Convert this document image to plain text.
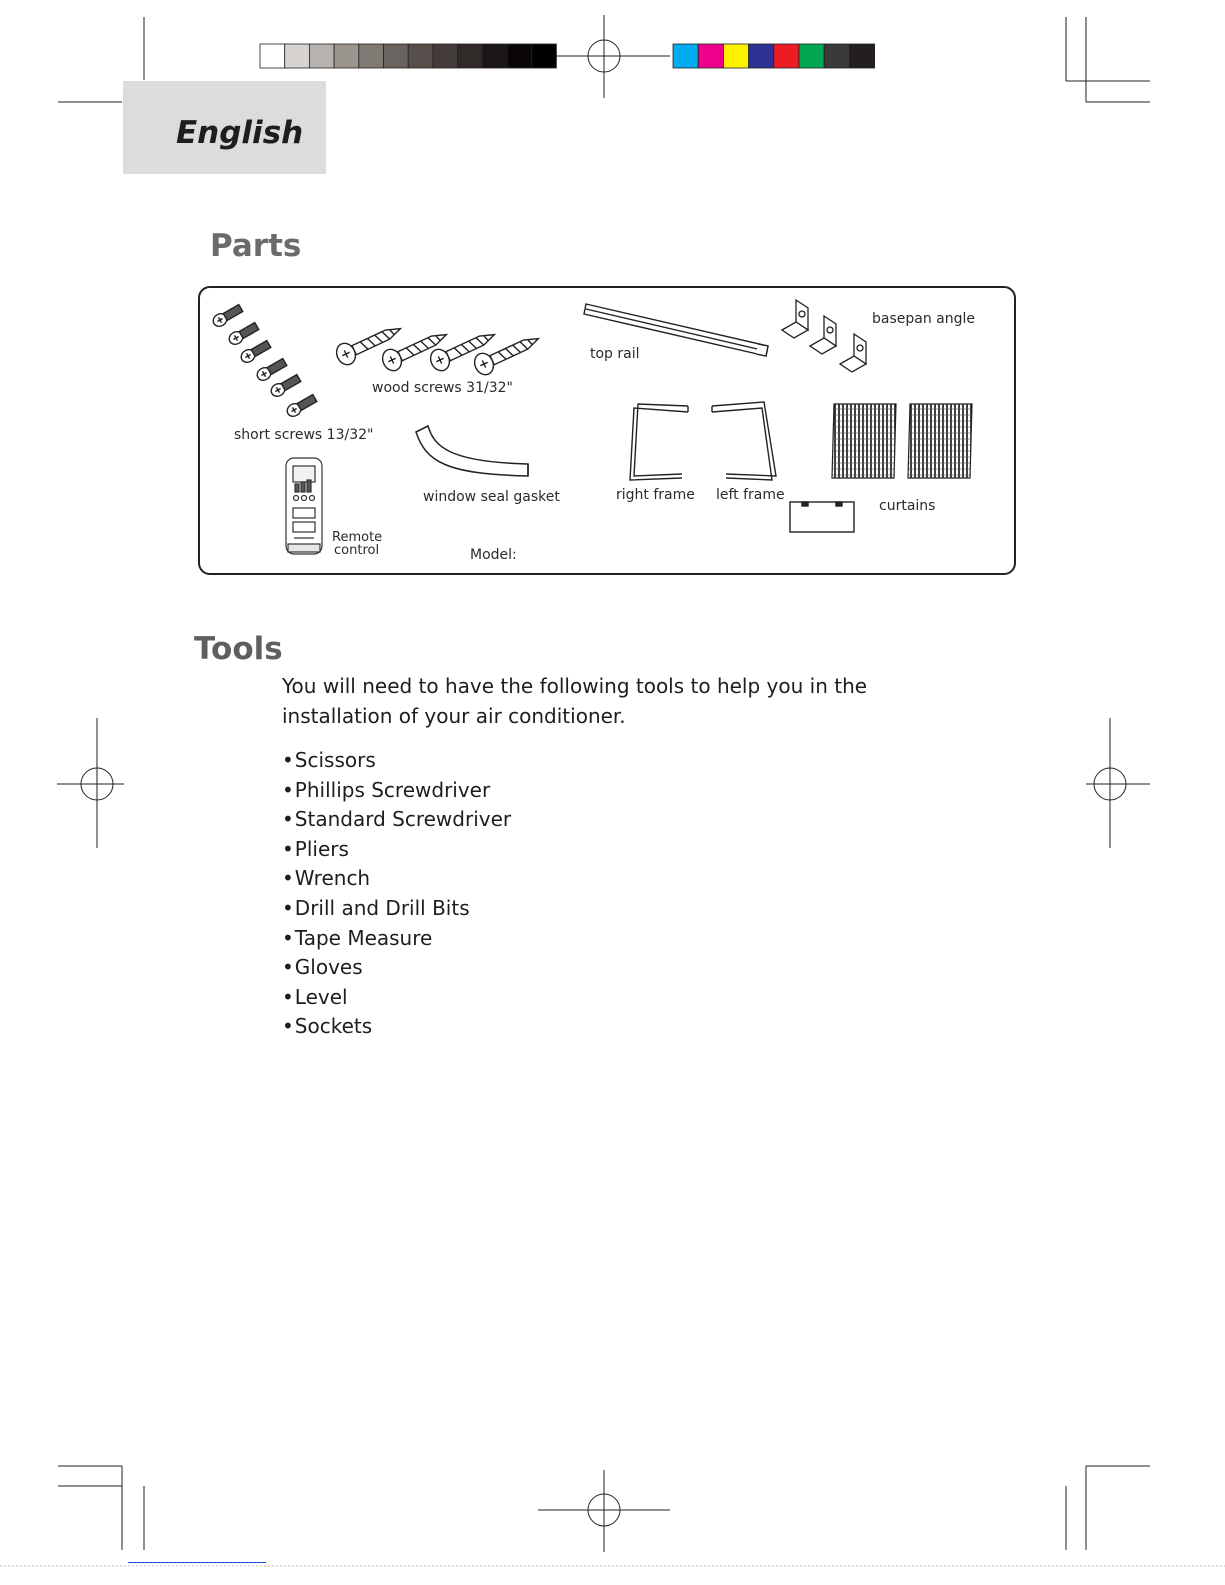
English
Parts
short screws 13/32"
wood screws 31/32"
top rail
basepan angle
window seal gasket	right frame left frame
curtains
Remote
control	Model:
Tools
You will need to have the following tools to help you in the installation of your air conditioner.
• Scissors
• Phillips Screwdriver
• Standard Screwdriver
• Pliers
• Wrench
• Drill and Drill Bits
• Tape Measure
• Gloves
• Level
• Sockets
